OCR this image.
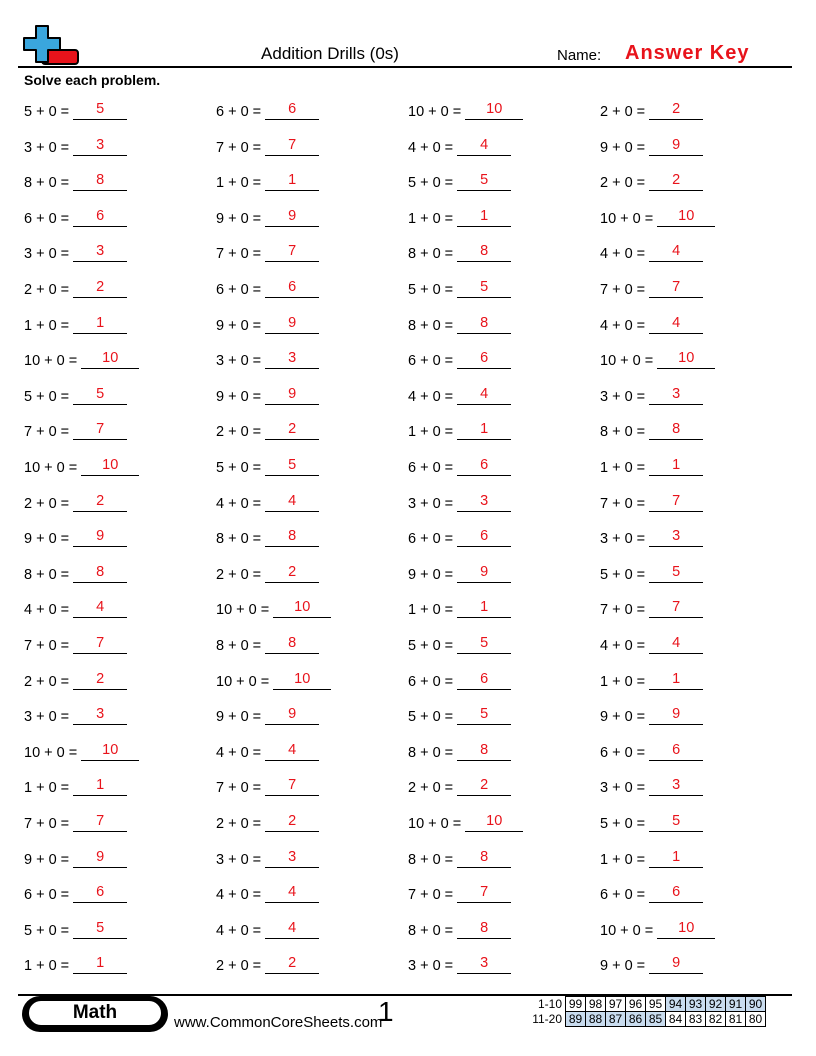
Addition Drills (0s)	Name: Answer Key
Solve each problem.
5 + 0 =	5
3 + 0 =	3
8 + 0 =	8
6 + 0 =	6
3 + 0 =	3
2 + 0 =	2
1 + 0 =	1
10 + 0 =	10
5 + 0 =	5
7 + 0 =	7
10 + 0 =	10
2 + 0 =	2
9 + 0 =	9
8 + 0 =	8
4 + 0 =	4
7 + 0 =	7
2 + 0 =	2
3 + 0 =	3
10 + 0 =	10
1 + 0 =	1
7 + 0 =	7
9 + 0 =	9
6 + 0 =	6
5 + 0 =	5
1 + 0 =	1
6 + 0 =	6
7 + 0 =	7
1 + 0 =	1
9 + 0 =	9
7 + 0 =	7
6 + 0 =	6
9 + 0 =	9
3 + 0 =	3
9 + 0 =	9
2 + 0 =	2
5 + 0 =	5
4 + 0 =	4
8 + 0 =	8
2 + 0 =	2
10 + 0 =	10
8 + 0 =	8
10 + 0 =	10
9 + 0 =	9
4 + 0 =	4
7 + 0 =	7
2 + 0 =	2
3 + 0 =	3
4 + 0 =	4
4 + 0 =	4
2 + 0 =	2
10 + 0 =	10
4 + 0 =	4
5 + 0 =	5
1 + 0 =	1
8 + 0 =	8
5 + 0 =	5
8 + 0 =	8
6 + 0 =	6
4 + 0 =	4
1 + 0 =	1
6 + 0 =	6
3 + 0 =	3
6 + 0 =	6
9 + 0 =	9
1 + 0 =	1
5 + 0 =	5
6 + 0 =	6
5 + 0 =	5
8 + 0 =	8
2 + 0 =	2
10 + 0 =	10
8 + 0 =	8
7 + 0 =	7
8 + 0 =	8
3 + 0 =	3
2 + 0 =	2
9 + 0 =	9
2 + 0 =	2
10 + 0 =	10
4 + 0 =	4
7 + 0 =	7
4 + 0 =	4
10 + 0 =	10
3 + 0 =	3
8 + 0 =	8
1 + 0 =	1
7 + 0 =	7
3 + 0 =	3
5 + 0 =	5
7 + 0 =	7
4 + 0 =	4
1 + 0 =	1
9 + 0 =	9
6 + 0 =	6
3 + 0 =	3
5 + 0 =	5
1 + 0 =	1
6 + 0 =	6
10 + 0 =	10
9 + 0 =	9
Math	www.CommonCoreSheets.com
1	1-10	99	98	97	96	95	94	93	92	91	90
11-20	89	88	87	86	85	84	83	82	81	80
